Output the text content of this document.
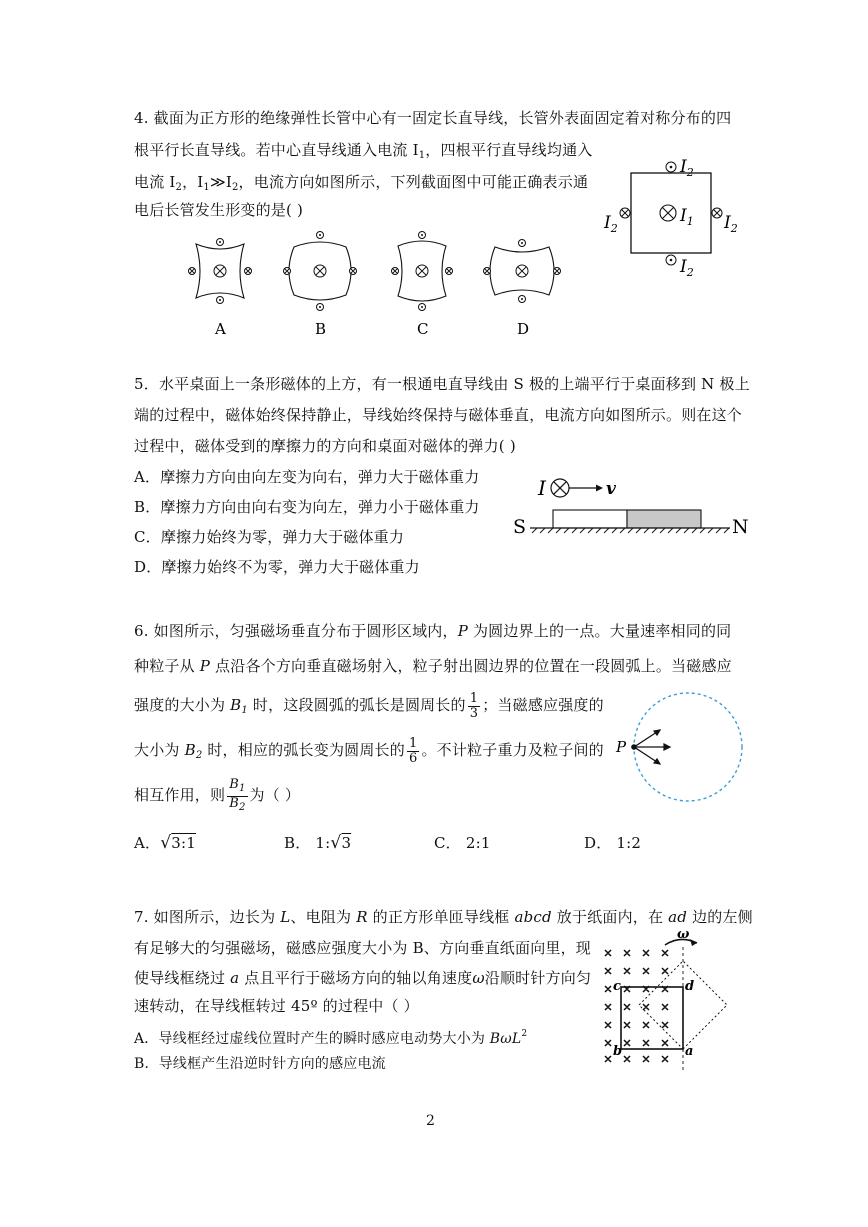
4. 截面为正方形的绝缘弹性长管中心有一固定长直导线，长管外表面固定着对称分布的四
根平行长直导线。若中心直导线通入电流 $I_1$，四根平行直导线均通入
电流 $I_2$，$I_1≫I_2$，电流方向如图所示，下列截面图中可能正确表示通
电后长管发生形变的是( )
$I_2$
$I_1$
$I_2$	$I_2$
$I_2$
A	B	C	D
5．水平桌面上一条形磁体的上方，有一根通电直导线由 S 极的上端平行于桌面移到 N 极上
端的过程中，磁体始终保持静止，导线始终保持与磁体垂直，电流方向如图所示。则在这个
过程中，磁体受到的摩擦力的方向和桌面对磁体的弹力( )
A．摩擦力方向由向左变为向右，弹力大于磁体重力
B．摩擦力方向由向右变为向左，弹力小于磁体重力
C．摩擦力始终为零，弹力大于磁体重力
D．摩擦力始终不为零，弹力大于磁体重力
I	v
S	N
6. 如图所示，匀强磁场垂直分布于圆形区域内，P 为圆边界上的一点。大量速率相同的同
种粒子从 P 点沿各个方向垂直磁场射入，粒子射出圆边界的位置在一段圆弧上。当磁感应
强度的大小为 $B_1$ 时，这段圆弧的弧长是圆周长的 $\frac{1}{3}$ ；当磁感应强度的
大小为 $B_2$ 时，相应的弧长变为圆周长的 $\frac{1}{6}$ 。不计粒子重力及粒子间的
相互作用，则 $\frac{B_1}{B_2}$ 为（ ）
A．√3:1	B． 1:√3	C． 2:1	D． 1:2
P
7. 如图所示，边长为 L、电阻为 R 的正方形单匝导线框 abcd 放于纸面内，在 ad 边的左侧
有足够大的匀强磁场，磁感应强度大小为 B、方向垂直纸面向里，现
使导线框绕过 a 点且平行于磁场方向的轴以角速度ω沿顺时针方向匀
速转动，在导线框转过 45º 的过程中（ ）
A．导线框经过虚线位置时产生的瞬时感应电动势大小为 BωL$^2$
B．导线框产生沿逆时针方向的感应电流
ω
c	d
b	a
2
